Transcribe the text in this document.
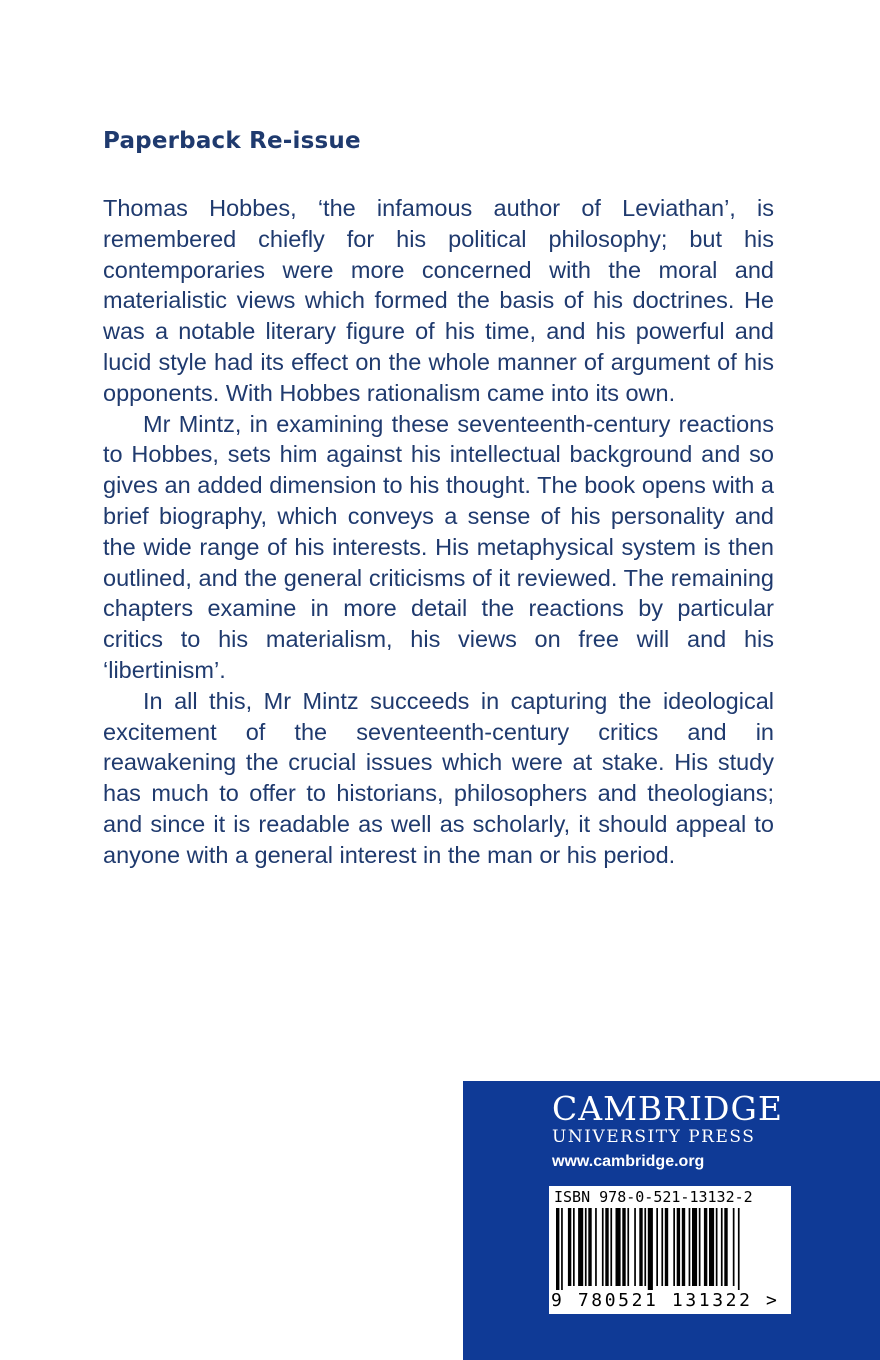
Paperback Re-issue

Thomas Hobbes, ‘the infamous author of Leviathan’, is remembered chiefly for his political philosophy; but his contemporaries were more concerned with the moral and materialistic views which formed the basis of his doctrines. He was a notable literary figure of his time, and his powerful and lucid style had its effect on the whole manner of argument of his opponents. With Hobbes rationalism came into its own.

Mr Mintz, in examining these seventeenth-century reactions to Hobbes, sets him against his intellectual background and so gives an added dimension to his thought. The book opens with a brief biography, which conveys a sense of his personality and the wide range of his interests. His metaphysical system is then outlined, and the general criticisms of it reviewed. The remaining chapters examine in more detail the reactions by particular critics to his materialism, his views on free will and his ‘libertinism’.

In all this, Mr Mintz succeeds in capturing the ideological excitement of the seventeenth-century critics and in reawakening the crucial issues which were at stake. His study has much to offer to historians, philosophers and theologians; and since it is readable as well as scholarly, it should appeal to anyone with a general interest in the man or his period.

CAMBRIDGE
UNIVERSITY PRESS
www.cambridge.org
ISBN 978-0-521-13132-2
9 780521 131322 >
